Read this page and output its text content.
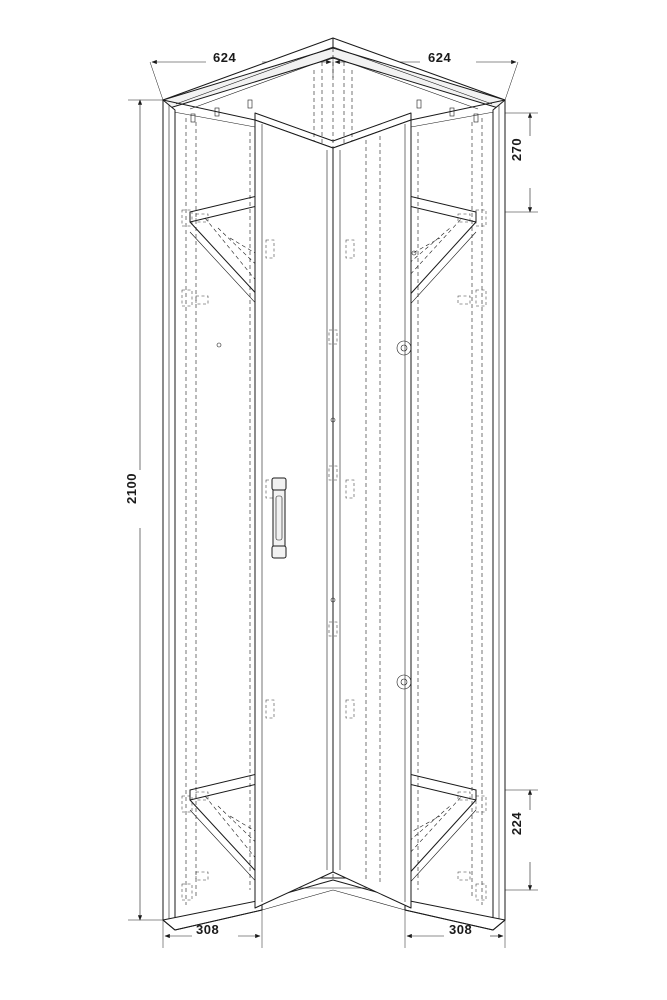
624	624
308	308
2100
270
224
